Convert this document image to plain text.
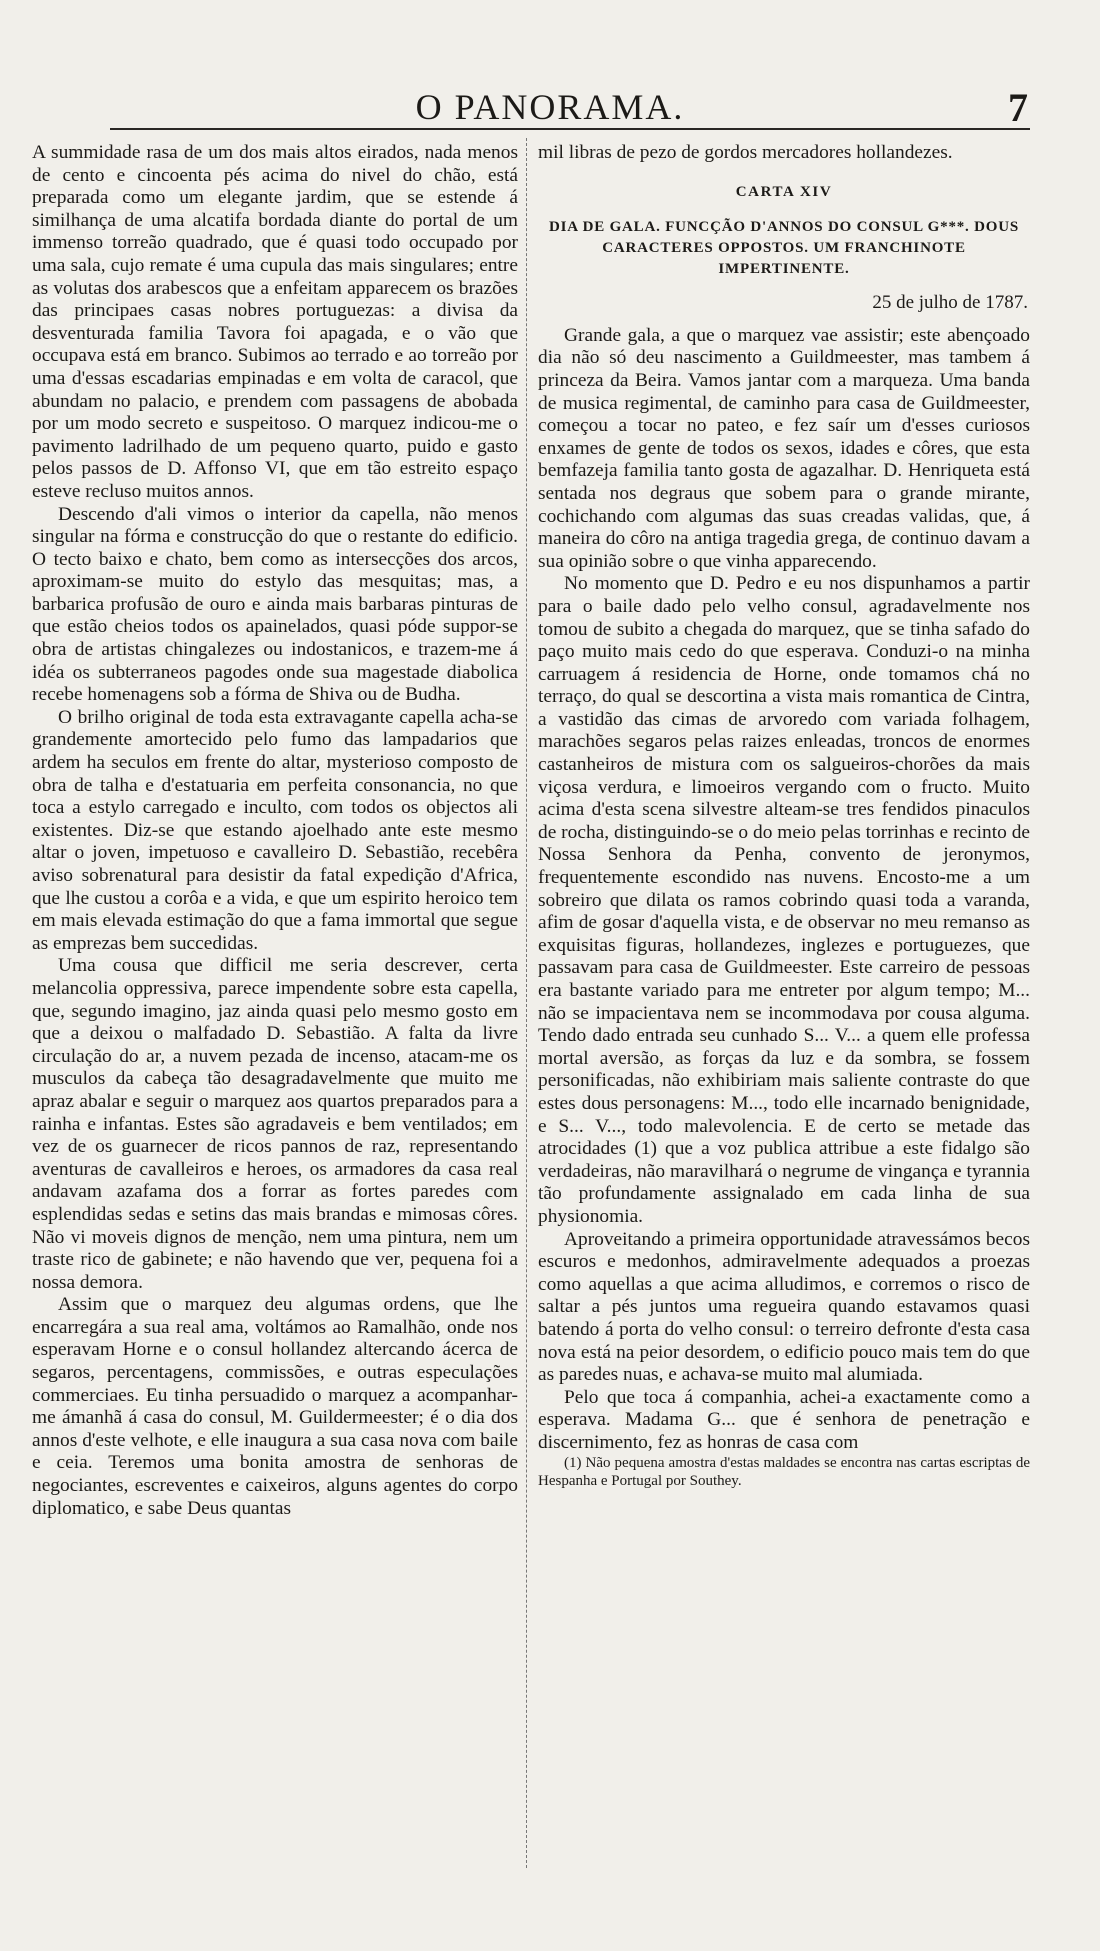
O PANORAMA.	7

A summidade rasa de um dos mais altos eirados, nada menos de cento e cincoenta pés acima do nivel do chão, está preparada como um elegante jardim, que se estende á similhança de uma alcatifa bordada diante do portal de um immenso torreão quadrado, que é quasi todo occupado por uma sala, cujo remate é uma cupula das mais singulares; entre as volutas dos arabescos que a enfeitam apparecem os brazões das principaes casas nobres portuguezas: a divisa da desventurada familia Tavora foi apagada, e o vão que occupava está em branco. Subimos ao terrado e ao torreão por uma d'essas escadarias empinadas e em volta de caracol, que abundam no palacio, e prendem com passagens de abobada por um modo secreto e suspeitoso. O marquez indicou-me o pavimento ladrilhado de um pequeno quarto, puido e gasto pelos passos de D. Affonso VI, que em tão estreito espaço esteve recluso muitos annos.

Descendo d'ali vimos o interior da capella, não menos singular na fórma e construcção do que o restante do edificio. O tecto baixo e chato, bem como as intersecções dos arcos, aproximam-se muito do estylo das mesquitas; mas, a barbarica profusão de ouro e ainda mais barbaras pinturas de que estão cheios todos os apainelados, quasi póde suppor-se obra de artistas chingalezes ou indostanicos, e trazem-me á idéa os subterraneos pagodes onde sua magestade diabolica recebe homenagens sob a fórma de Shiva ou de Budha.

O brilho original de toda esta extravagante capella acha-se grandemente amortecido pelo fumo das lampadarios que ardem ha seculos em frente do altar, mysterioso composto de obra de talha e d'estatuaria em perfeita consonancia, no que toca a estylo carregado e inculto, com todos os objectos ali existentes. Diz-se que estando ajoelhado ante este mesmo altar o joven, impetuoso e cavalleiro D. Sebastião, recebêra aviso sobrenatural para desistir da fatal expedição d'Africa, que lhe custou a corôa e a vida, e que um espirito heroico tem em mais elevada estimação do que a fama immortal que segue as emprezas bem succedidas.

Uma cousa que difficil me seria descrever, certa melancolia oppressiva, parece impendente sobre esta capella, que, segundo imagino, jaz ainda quasi pelo mesmo gosto em que a deixou o malfadado D. Sebastião. A falta da livre circulação do ar, a nuvem pezada de incenso, atacam-me os musculos da cabeça tão desagradavelmente que muito me apraz abalar e seguir o marquez aos quartos preparados para a rainha e infantas. Estes são agradaveis e bem ventilados; em vez de os guarnecer de ricos pannos de raz, representando aventuras de cavalleiros e heroes, os armadores da casa real andavam azafama dos a forrar as fortes paredes com esplendidas sedas e setins das mais brandas e mimosas côres. Não vi moveis dignos de menção, nem uma pintura, nem um traste rico de gabinete; e não havendo que ver, pequena foi a nossa demora.

Assim que o marquez deu algumas ordens, que lhe encarregára a sua real ama, voltámos ao Ramalhão, onde nos esperavam Horne e o consul hollandez altercando ácerca de segaros, percentagens, commissões, e outras especulações commerciaes. Eu tinha persuadido o marquez a acompanhar-me ámanhã á casa do consul, M. Guildermeester; é o dia dos annos d'este velhote, e elle inaugura a sua casa nova com baile e ceia. Teremos uma bonita amostra de senhoras de negociantes, escreventes e caixeiros, alguns agentes do corpo diplomatico, e sabe Deus quantas

mil libras de pezo de gordos mercadores hollandezes.

CARTA XIV
DIA DE GALA. FUNCÇÃO D'ANNOS DO CONSUL G***. DOUS CARACTERES OPPOSTOS. UM FRANCHINOTE IMPERTINENTE.
25 de julho de 1787.

Grande gala, a que o marquez vae assistir; este abençoado dia não só deu nascimento a Guildmeester, mas tambem á princeza da Beira. Vamos jantar com a marqueza. Uma banda de musica regimental, de caminho para casa de Guildmeester, começou a tocar no pateo, e fez saír um d'esses curiosos enxames de gente de todos os sexos, idades e côres, que esta bemfazeja familia tanto gosta de agazalhar. D. Henriqueta está sentada nos degraus que sobem para o grande mirante, cochichando com algumas das suas creadas validas, que, á maneira do côro na antiga tragedia grega, de continuo davam a sua opinião sobre o que vinha apparecendo.

No momento que D. Pedro e eu nos dispunhamos a partir para o baile dado pelo velho consul, agradavelmente nos tomou de subito a chegada do marquez, que se tinha safado do paço muito mais cedo do que esperava. Conduzi-o na minha carruagem á residencia de Horne, onde tomamos chá no terraço, do qual se descortina a vista mais romantica de Cintra, a vastidão das cimas de arvoredo com variada folhagem, marachões segaros pelas raizes enleadas, troncos de enormes castanheiros de mistura com os salgueiros-chorões da mais viçosa verdura, e limoeiros vergando com o fructo. Muito acima d'esta scena silvestre alteam-se tres fendidos pinaculos de rocha, distinguindo-se o do meio pelas torrinhas e recinto de Nossa Senhora da Penha, convento de jeronymos, frequentemente escondido nas nuvens. Encosto-me a um sobreiro que dilata os ramos cobrindo quasi toda a varanda, afim de gosar d'aquella vista, e de observar no meu remanso as exquisitas figuras, hollandezes, inglezes e portuguezes, que passavam para casa de Guildmeester. Este carreiro de pessoas era bastante variado para me entreter por algum tempo; M... não se impacientava nem se incommodava por cousa alguma. Tendo dado entrada seu cunhado S... V... a quem elle professa mortal aversão, as forças da luz e da sombra, se fossem personificadas, não exhibiriam mais saliente contraste do que estes dous personagens: M..., todo elle incarnado benignidade, e S... V..., todo malevolencia. E de certo se metade das atrocidades (1) que a voz publica attribue a este fidalgo são verdadeiras, não maravilhará o negrume de vingança e tyrannia tão profundamente assignalado em cada linha de sua physionomia.

Aproveitando a primeira opportunidade atravessámos becos escuros e medonhos, admiravelmente adequados a proezas como aquellas a que acima alludimos, e corremos o risco de saltar a pés juntos uma regueira quando estavamos quasi batendo á porta do velho consul: o terreiro defronte d'esta casa nova está na peior desordem, o edificio pouco mais tem do que as paredes nuas, e achava-se muito mal alumiada.

Pelo que toca á companhia, achei-a exactamente como a esperava. Madama G... que é senhora de penetração e discernimento, fez as honras de casa com

(1) Não pequena amostra d'estas maldades se encontra nas cartas escriptas de Hespanha e Portugal por Southey.
